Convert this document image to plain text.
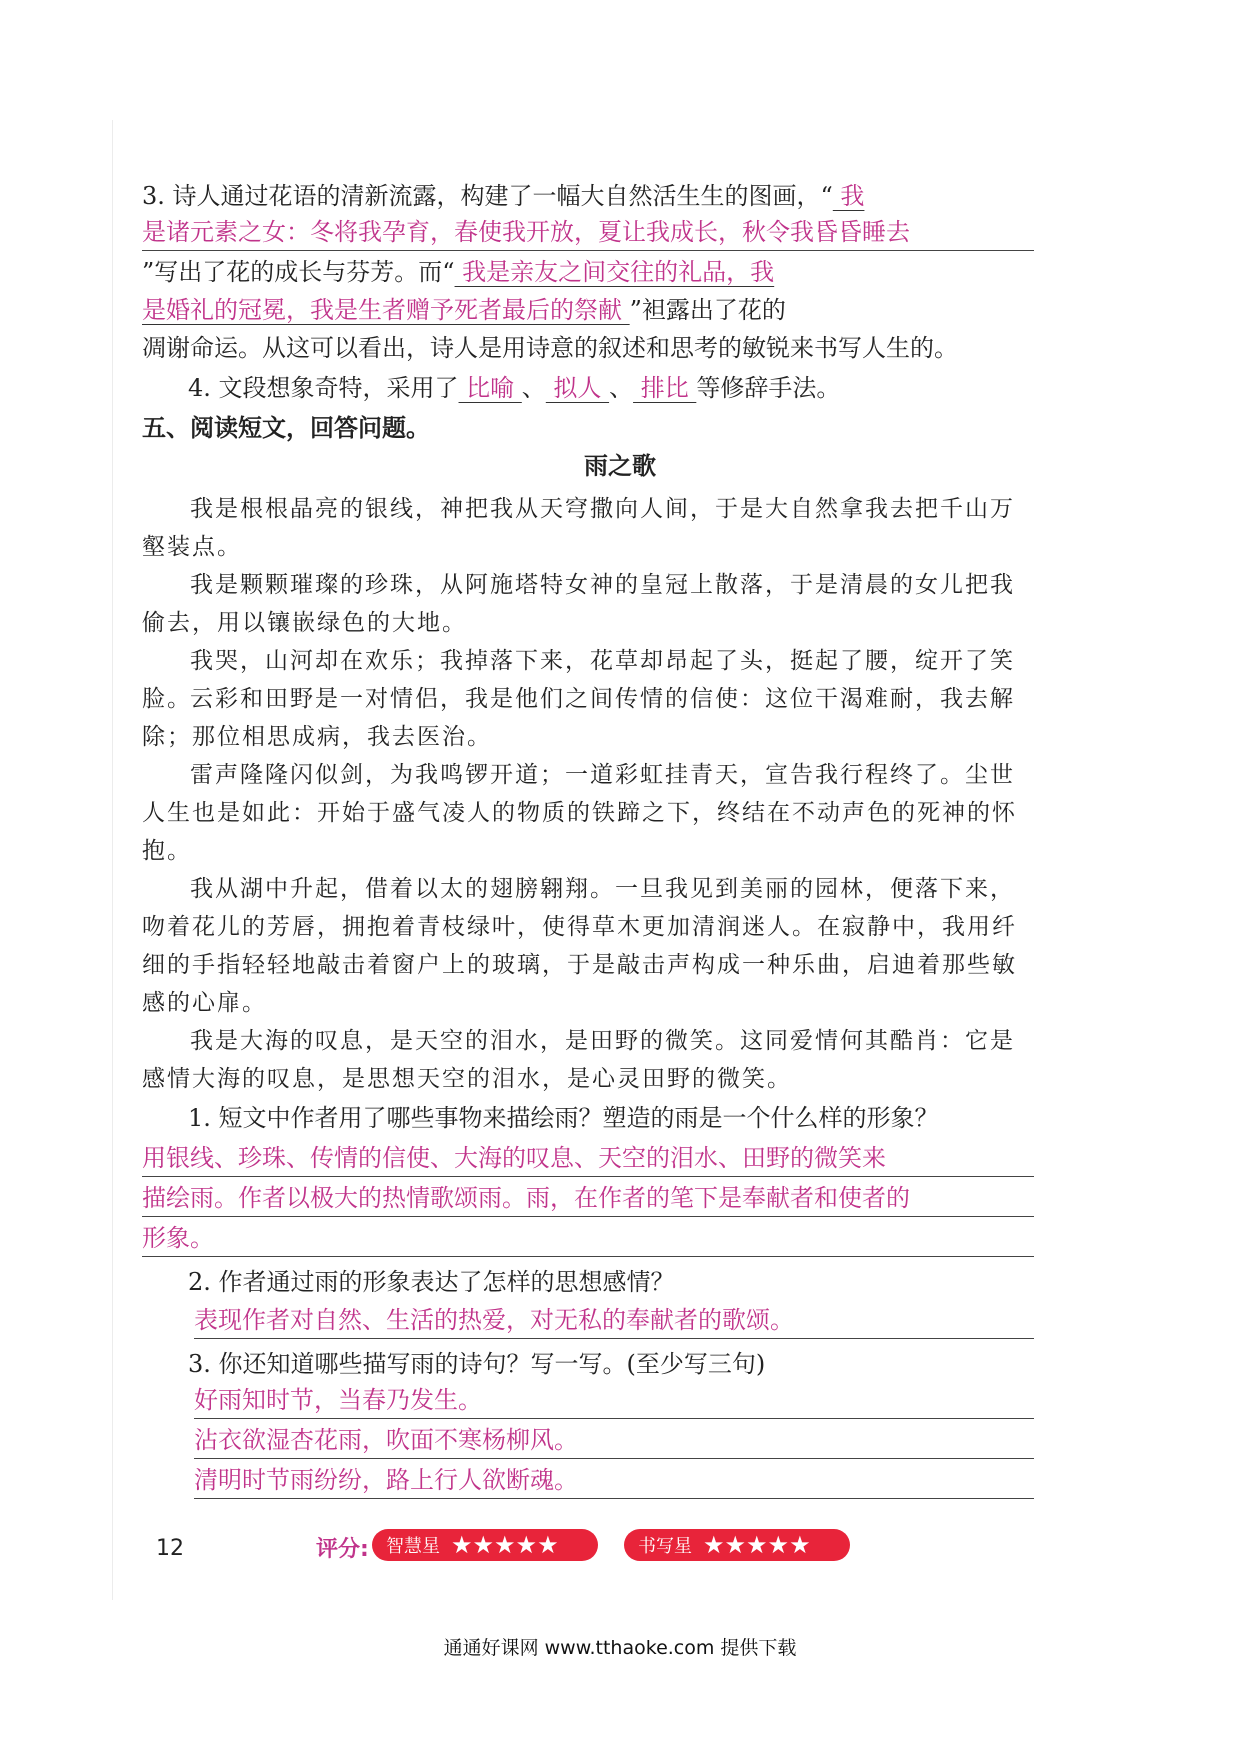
3. 诗人通过花语的清新流露，构建了一幅大自然活生生的图画，“ 我
是诸元素之女：冬将我孕育，春使我开放，夏让我成长，秋令我昏昏睡去
”写出了花的成长与芬芳。而“ 我是亲友之间交往的礼品，我
是婚礼的冠冕，我是生者赠予死者最后的祭献 ”袒露出了花的
凋谢命运。从这可以看出，诗人是用诗意的叙述和思考的敏锐来书写人生的。
4. 文段想象奇特，采用了 比喻 、 拟人 、 排比 等修辞手法。
五、阅读短文，回答问题。
雨之歌
我是根根晶亮的银线，神把我从天穹撒向人间，于是大自然拿我去把千山万壑装点。
我是颗颗璀璨的珍珠，从阿施塔特女神的皇冠上散落，于是清晨的女儿把我偷去，用以镶嵌绿色的大地。
我哭，山河却在欢乐；我掉落下来，花草却昂起了头，挺起了腰，绽开了笑脸。
云彩和田野是一对情侣，我是他们之间传情的信使：这位干渴难耐，我去解除；那位相思成病，我去医治。
雷声隆隆闪似剑，为我鸣锣开道；一道彩虹挂青天，宣告我行程终了。尘世人生也是如此：开始于盛气凌人的物质的铁蹄之下，终结在不动声色的死神的怀抱。
我从湖中升起，借着以太的翅膀翱翔。一旦我见到美丽的园林，便落下来，吻着花儿的芳唇，拥抱着青枝绿叶，使得草木更加清润迷人。在寂静中，我用纤细的手指轻轻地敲击着窗户上的玻璃，于是敲击声构成一种乐曲，启迪着那些敏感的心扉。
我是大海的叹息，是天空的泪水，是田野的微笑。这同爱情何其酷肖：它是感情大海的叹息，是思想天空的泪水，是心灵田野的微笑。
1. 短文中作者用了哪些事物来描绘雨？塑造的雨是一个什么样的形象？
用银线、珍珠、传情的信使、大海的叹息、天空的泪水、田野的微笑来
描绘雨。作者以极大的热情歌颂雨。雨，在作者的笔下是奉献者和使者的
形象。
2. 作者通过雨的形象表达了怎样的思想感情？
表现作者对自然、生活的热爱，对无私的奉献者的歌颂。
3. 你还知道哪些描写雨的诗句？写一写。(至少写三句)
好雨知时节，当春乃发生。
沾衣欲湿杏花雨，吹面不寒杨柳风。
清明时节雨纷纷，路上行人欲断魂。
12	评分: 智慧星 ★★★★★	书写星 ★★★★★
通通好课网 www.tthaoke.com 提供下载
